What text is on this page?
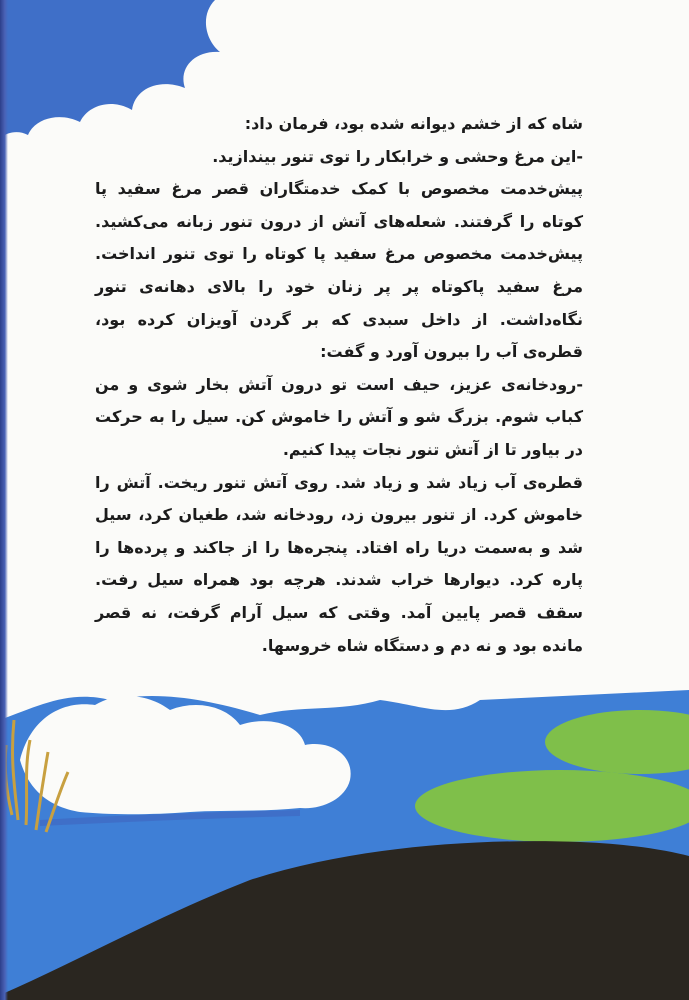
شاه که از خشم دیوانه شده بود، فرمان داد:

-این مرغ وحشی و خرابکار را توی تنور بیندازید.

پیش‌خدمت مخصوص با کمک خدمتگاران قصر مرغ سفید پا کوتاه را گرفتند. شعله‌های آتش از درون تنور زبانه می‌کشید. پیش‌خدمت مخصوص مرغ سفید پا کوتاه را توی تنور انداخت. مرغ سفید پاکوتاه پر پر زنان خود را بالای دهانه‌ی تنور نگاه‌داشت. از داخل سبدی که بر گردن آویزان کرده بود، قطره‌ی آب را بیرون آورد و گفت:

-رودخانه‌ی عزیز، حیف است تو درون آتش بخار شوی و من کباب شوم. بزرگ شو و آتش را خاموش کن. سیل را به حرکت در بیاور تا از آتش تنور نجات پیدا کنیم.

قطره‌ی آب زیاد شد و زیاد شد. روی آتش تنور ریخت. آتش را خاموش کرد. از تنور بیرون زد، رودخانه شد، طغیان کرد، سیل شد و به‌سمت دریا راه افتاد. پنجره‌ها را از جاکند و پرده‌ها را پاره کرد. دیوارها خراب شدند. هرچه بود همراه سیل رفت. سقف قصر پایین آمد. وقتی که سیل آرام گرفت، نه قصر مانده بود و نه دم و دستگاه شاه خروسها.
